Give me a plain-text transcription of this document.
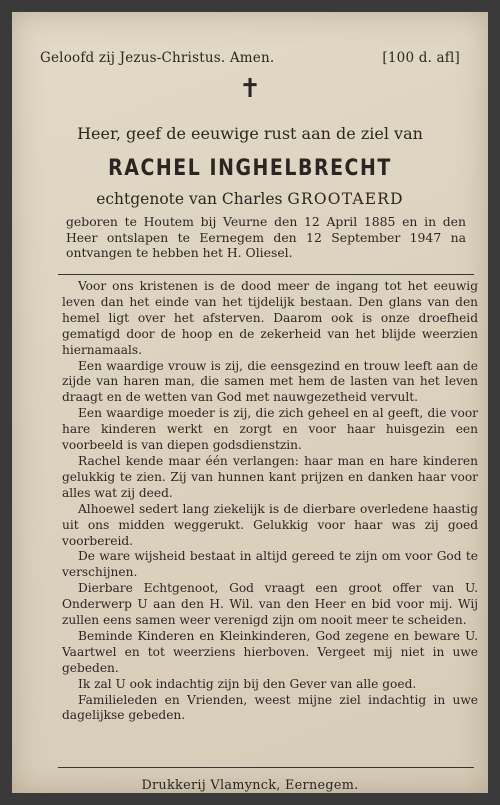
Geloofd zij Jezus-Christus. Amen.	[100 d. afl]
✝
Heer, geef de eeuwige rust aan de ziel van
RACHEL INGHELBRECHT
echtgenote van Charles GROOTAERD
geboren te Houtem bij Veurne den 12 April 1885 en in den Heer ontslapen te Eernegem den 12 September 1947 na ontvangen te hebben het H. Oliesel.

Voor ons kristenen is de dood meer de ingang tot het eeuwig leven dan het einde van het tijdelijk bestaan. Den glans van den hemel ligt over het afsterven. Daarom ook is onze droefheid gematigd door de hoop en de zekerheid van het blijde weerzien hiernamaals.

Een waardige vrouw is zij, die eensgezind en trouw leeft aan de zijde van haren man, die samen met hem de lasten van het leven draagt en de wetten van God met nauwgezetheid vervult.

Een waardige moeder is zij, die zich geheel en al geeft, die voor hare kinderen werkt en zorgt en voor haar huisgezin een voorbeeld is van diepen godsdienstzin.

Rachel kende maar één verlangen: haar man en hare kinderen gelukkig te zien. Zij van hunnen kant prijzen en danken haar voor alles wat zij deed.

Alhoewel sedert lang ziekelijk is de dierbare overledene haastig uit ons midden weggerukt. Gelukkig voor haar was zij goed voorbereid.

De ware wijsheid bestaat in altijd gereed te zijn om voor God te verschijnen.

Dierbare Echtgenoot, God vraagt een groot offer van U. Onderwerp U aan den H. Wil. van den Heer en bid voor mij. Wij zullen eens samen weer verenigd zijn om nooit meer te scheiden.

Beminde Kinderen en Kleinkinderen, God zegene en beware U. Vaartwel en tot weerziens hierboven. Vergeet mij niet in uwe gebeden.

Ik zal U ook indachtig zijn bij den Gever van alle goed.

Familieleden en Vrienden, weest mijne ziel indachtig in uwe dagelijkse gebeden.

Drukkerij Vlamynck, Eernegem.
